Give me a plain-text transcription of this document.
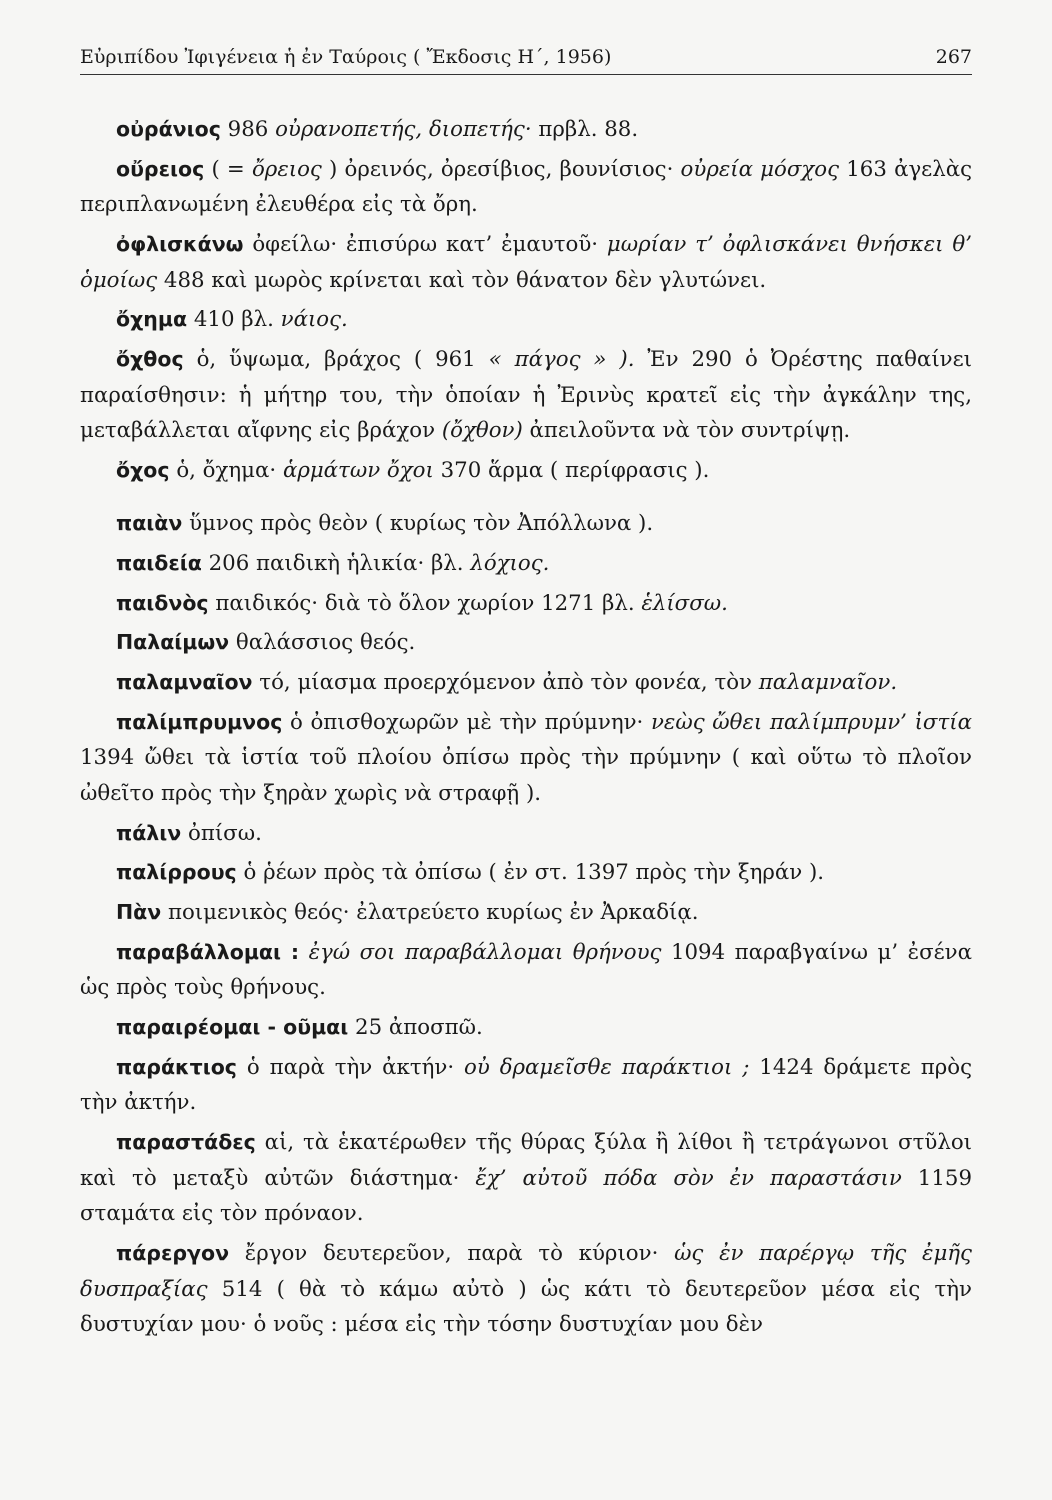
Εὐριπίδου Ἰφιγένεια ἡ ἐν Ταύροις ( Ἔκδοσις Η΄, 1956)	267

οὐράνιος 986 οὐρανοπετής, διοπετής· πρβλ. 88.

οὔρειος ( = ὄρειος ) ὀρεινός, ὀρεσίβιος, βουνίσιος· οὐρεία μόσχος 163 ἀγελὰς περιπλανωμένη ἐλευθέρα εἰς τὰ ὄρη.

ὀφλισκάνω ὀφείλω· ἐπισύρω κατ’ ἐμαυτοῦ· μωρίαν τ’ ὀφλισκάνει θνήσκει θ’ ὁμοίως 488 καὶ μωρὸς κρίνεται καὶ τὸν θάνατον δὲν γλυτώνει.

ὄχημα 410 βλ. νάιος.

ὄχθος ὁ, ὕψωμα, βράχος ( 961 « πάγος » ). Ἐν 290 ὁ Ὀρέστης παθαίνει παραίσθησιν: ἡ μήτηρ του, τὴν ὁποίαν ἡ Ἐρινὺς κρατεῖ εἰς τὴν ἀγκάλην της, μεταβάλλεται αἴφνης εἰς βράχον (ὄχθον) ἀπειλοῦντα νὰ τὸν συντρίψῃ.

ὄχος ὁ, ὄχημα· ἁρμάτων ὄχοι 370 ἅρμα ( περίφρασις ).

παιὰν ὕμνος πρὸς θεὸν ( κυρίως τὸν Ἀπόλλωνα ).

παιδεία 206 παιδικὴ ἡλικία· βλ. λόχιος.

παιδνὸς παιδικός· διὰ τὸ ὅλον χωρίον 1271 βλ. ἑλίσσω.

Παλαίμων θαλάσσιος θεός.

παλαμναῖον τό, μίασμα προερχόμενον ἀπὸ τὸν φονέα, τὸν παλαμναῖον.

παλίμπρυμνος ὁ ὀπισθοχωρῶν μὲ τὴν πρύμνην· νεὼς ὤθει παλίμπρυμν’ ἱστία 1394 ὤθει τὰ ἱστία τοῦ πλοίου ὀπίσω πρὸς τὴν πρύμνην ( καὶ οὕτω τὸ πλοῖον ὠθεῖτο πρὸς τὴν ξηρὰν χωρὶς νὰ στραφῇ ).

πάλιν ὀπίσω.

παλίρρους ὁ ῥέων πρὸς τὰ ὀπίσω ( ἐν στ. 1397 πρὸς τὴν ξηράν ).

Πὰν ποιμενικὸς θεός· ἐλατρεύετο κυρίως ἐν Ἀρκαδίᾳ.

παραβάλλομαι : ἐγώ σοι παραβάλλομαι θρήνους 1094 παραβγαίνω μ’ ἐσένα ὡς πρὸς τοὺς θρήνους.

παραιρέομαι - οῦμαι 25 ἀποσπῶ.

παράκτιος ὁ παρὰ τὴν ἀκτήν· οὐ δραμεῖσθε παράκτιοι ; 1424 δράμετε πρὸς τὴν ἀκτήν.

παραστάδες αἱ, τὰ ἑκατέρωθεν τῆς θύρας ξύλα ἢ λίθοι ἢ τετράγωνοι στῦλοι καὶ τὸ μεταξὺ αὐτῶν διάστημα· ἔχ’ αὐτοῦ πόδα σὸν ἐν παραστάσιν 1159 σταμάτα εἰς τὸν πρόναον.

πάρεργον ἔργον δευτερεῦον, παρὰ τὸ κύριον· ὡς ἐν παρέργῳ τῆς ἐμῆς δυσπραξίας 514 ( θὰ τὸ κάμω αὐτὸ ) ὡς κάτι τὸ δευτερεῦον μέσα εἰς τὴν δυστυχίαν μου· ὁ νοῦς : μέσα εἰς τὴν τόσην δυστυχίαν μου δὲν
